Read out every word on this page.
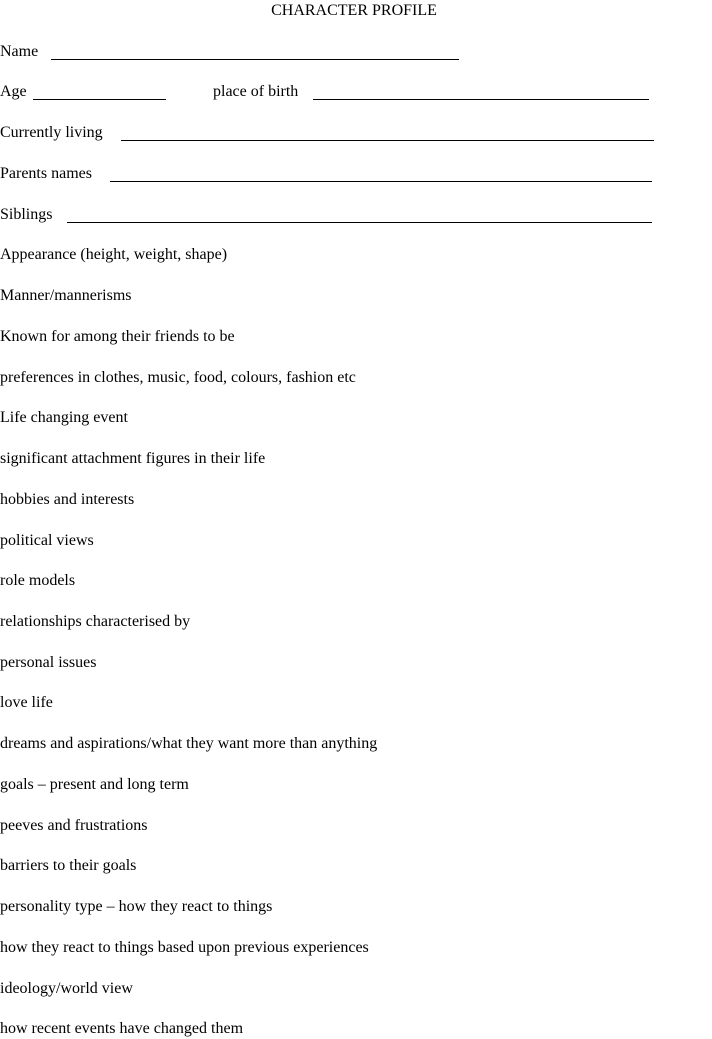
CHARACTER PROFILE
Name
Age	place of birth
Currently living
Parents names
Siblings
Appearance (height, weight, shape)
Manner/mannerisms
Known for among their friends to be
preferences in clothes, music, food, colours, fashion etc
Life changing event
significant attachment figures in their life
hobbies and interests
political views
role models
relationships characterised by
personal issues
love life
dreams and aspirations/what they want more than anything
goals – present and long term
peeves and frustrations
barriers to their goals
personality type – how they react to things
how they react to things based upon previous experiences
ideology/world view
how recent events have changed them
